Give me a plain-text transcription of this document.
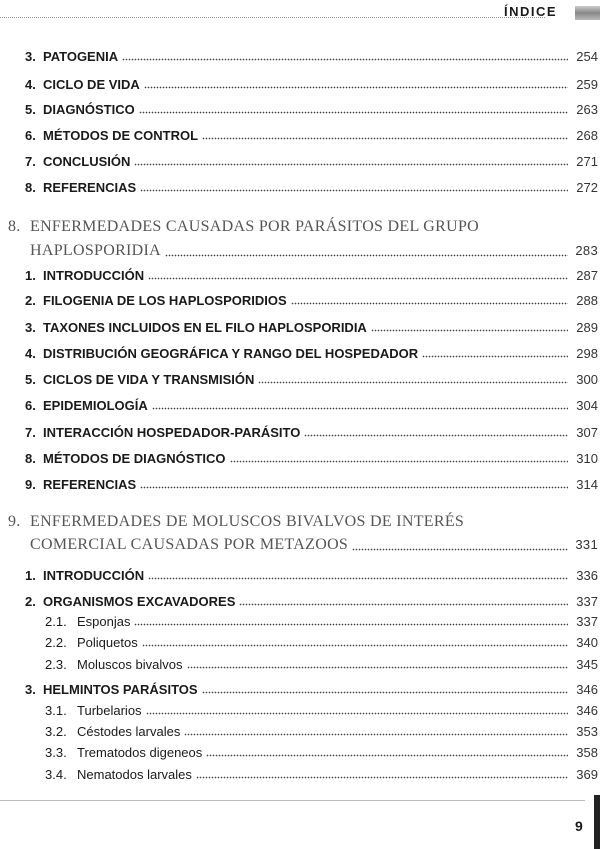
ÍNDICE
3. PATOGENIA	254
4. CICLO DE VIDA	259
5. DIAGNÓSTICO	263
6. MÉTODOS DE CONTROL	268
7. CONCLUSIÓN	271
8. REFERENCIAS	272
8. ENFERMEDADES CAUSADAS POR PARÁSITOS DEL GRUPO
HAPLOSPORIDIA	283
1. INTRODUCCIÓN	287
2. FILOGENIA DE LOS HAPLOSPORIDIOS	288
3. TAXONES INCLUIDOS EN EL FILO HAPLOSPORIDIA	289
4. DISTRIBUCIÓN GEOGRÁFICA Y RANGO DEL HOSPEDADOR	298
5. CICLOS DE VIDA Y TRANSMISIÓN	300
6. EPIDEMIOLOGÍA	304
7. INTERACCIÓN HOSPEDADOR-PARÁSITO	307
8. MÉTODOS DE DIAGNÓSTICO	310
9. REFERENCIAS	314
9. ENFERMEDADES DE MOLUSCOS BIVALVOS DE INTERÉS
COMERCIAL CAUSADAS POR METAZOOS	331
1. INTRODUCCIÓN	336
2. ORGANISMOS EXCAVADORES	337
2.1. Esponjas	337
2.2. Poliquetos	340
2.3. Moluscos bivalvos	345
3. HELMINTOS PARÁSITOS	346
3.1. Turbelarios	346
3.2. Céstodes larvales	353
3.3. Trematodos digeneos	358
3.4. Nematodos larvales	369
9
